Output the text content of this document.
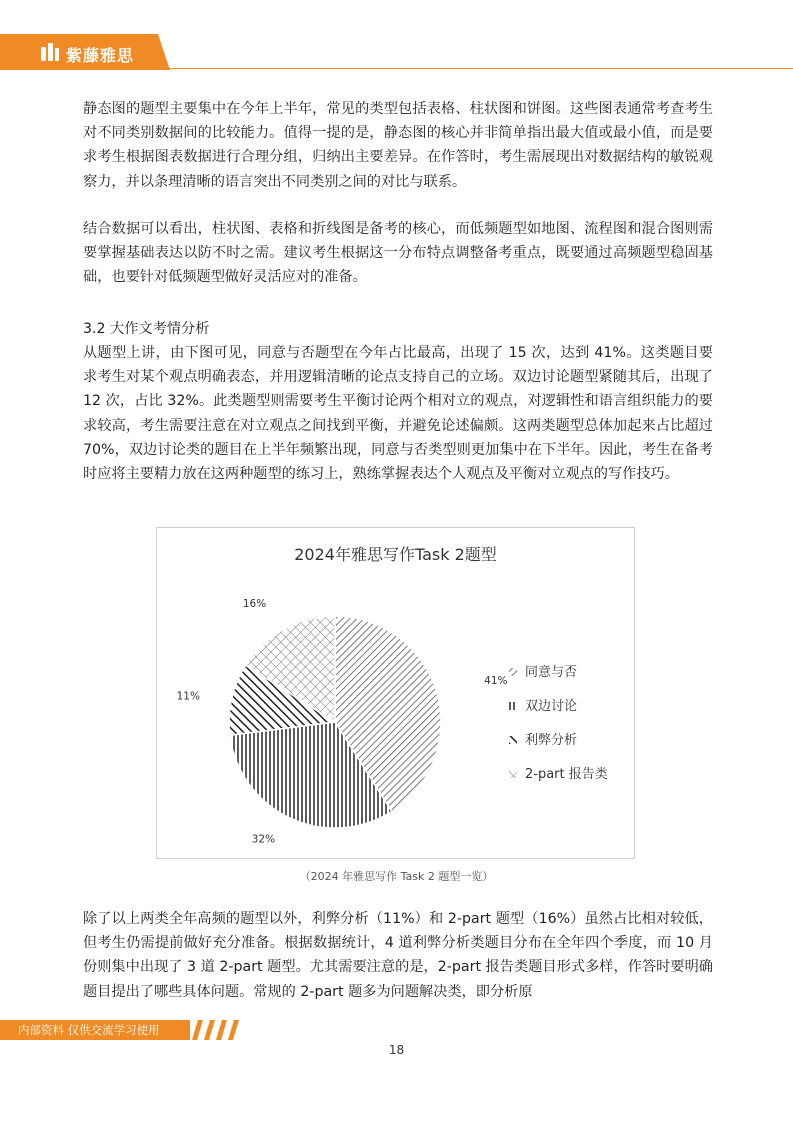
紫藤雅思
静态图的题型主要集中在今年上半年，常见的类型包括表格、柱状图和饼图。这些图表通常考查考生对不同类别数据间的比较能力。值得一提的是，静态图的核心并非简单指出最大值或最小值，而是要求考生根据图表数据进行合理分组，归纳出主要差异。在作答时，考生需展现出对数据结构的敏锐观察力，并以条理清晰的语言突出不同类别之间的对比与联系。
结合数据可以看出，柱状图、表格和折线图是备考的核心，而低频题型如地图、流程图和混合图则需要掌握基础表达以防不时之需。建议考生根据这一分布特点调整备考重点，既要通过高频题型稳固基础，也要针对低频题型做好灵活应对的准备。
3.2 大作文考情分析
从题型上讲，由下图可见，同意与否题型在今年占比最高，出现了 15 次，达到 41%。这类题目要求考生对某个观点明确表态，并用逻辑清晰的论点支持自己的立场。双边讨论题型紧随其后，出现了 12 次，占比 32%。此类题型则需要考生平衡讨论两个相对立的观点，对逻辑性和语言组织能力的要求较高，考生需要注意在对立观点之间找到平衡，并避免论述偏颇。这两类题型总体加起来占比超过 70%，双边讨论类的题目在上半年频繁出现，同意与否类型则更加集中在下半年。因此，考生在备考时应将主要精力放在这两种题型的练习上，熟练掌握表达个人观点及平衡对立观点的写作技巧。
2024年雅思写作Task 2题型
41%
32%
11%
16%
同意与否
双边讨论
利弊分析
2-part 报告类
（2024 年雅思写作 Task 2 题型一览）
除了以上两类全年高频的题型以外，利弊分析（11%）和 2-part 题型（16%）虽然占比相对较低，但考生仍需提前做好充分准备。根据数据统计，4 道利弊分析类题目分布在全年四个季度，而 10 月份则集中出现了 3 道 2-part 题型。尤其需要注意的是，2-part 报告类题目形式多样，作答时要明确题目提出了哪些具体问题。常规的 2-part 题多为问题解决类，即分析原
内部资料 仅供交流学习使用
18
